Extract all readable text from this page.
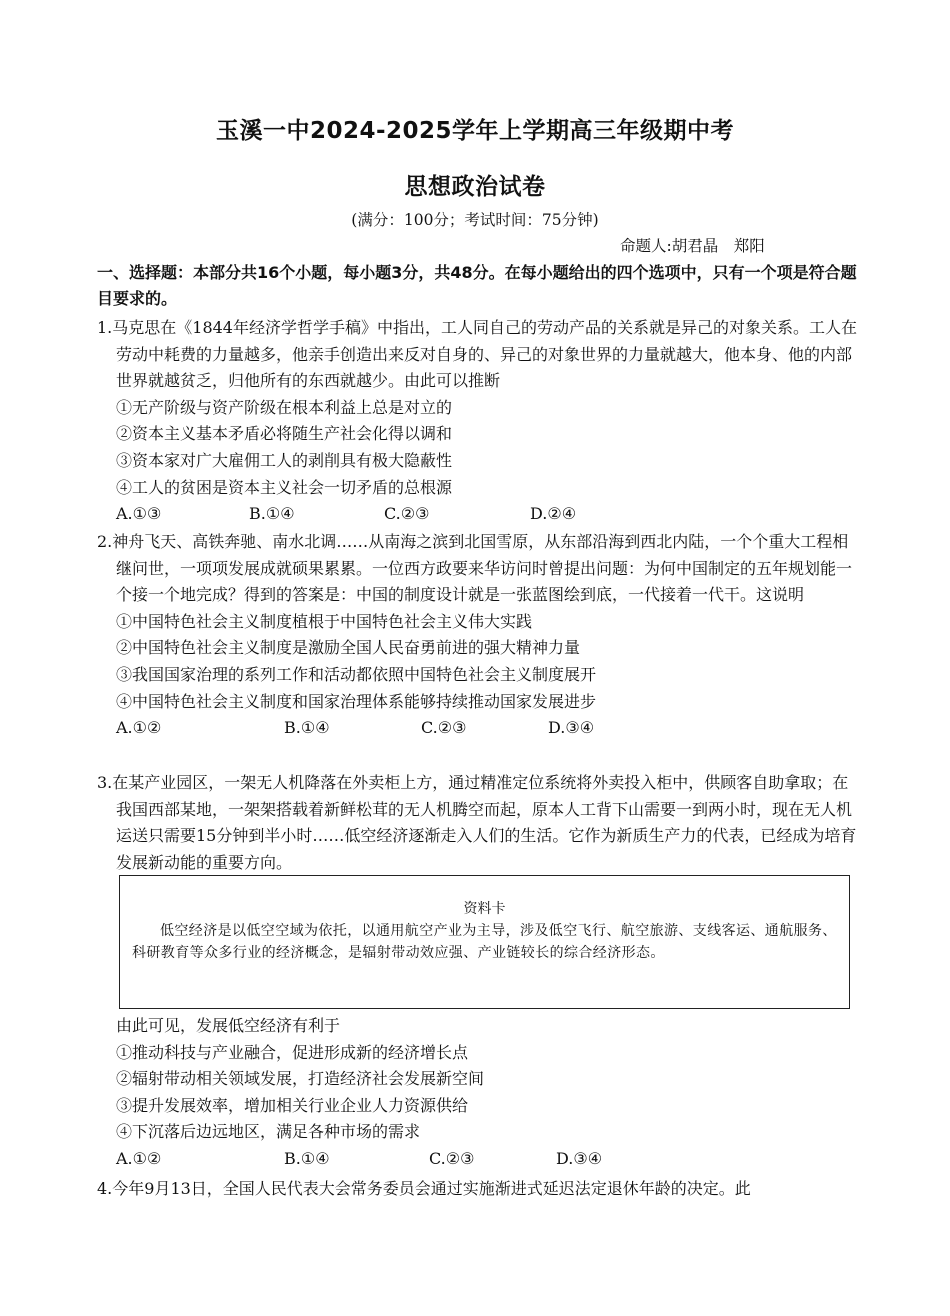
玉溪一中2024-2025学年上学期高三年级期中考
思想政治试卷
(满分：100分；考试时间：75分钟)
命题人:胡君晶　郑阳
一、选择题：本部分共16个小题，每小题3分，共48分。在每小题给出的四个选项中，只有一个项是符合题目要求的。
1.马克思在《1844年经济学哲学手稿》中指出，工人同自己的劳动产品的关系就是异己的对象关系。工人在劳动中耗费的力量越多，他亲手创造出来反对自身的、异己的对象世界的力量就越大，他本身、他的内部世界就越贫乏，归他所有的东西就越少。由此可以推断
①无产阶级与资产阶级在根本利益上总是对立的
②资本主义基本矛盾必将随生产社会化得以调和
③资本家对广大雇佣工人的剥削具有极大隐蔽性
④工人的贫困是资本主义社会一切矛盾的总根源
A.①③	B.①④	C.②③	D.②④
2.神舟飞天、高铁奔驰、南水北调……从南海之滨到北国雪原，从东部沿海到西北内陆，一个个重大工程相继问世，一项项发展成就硕果累累。一位西方政要来华访问时曾提出问题：为何中国制定的五年规划能一个接一个地完成？得到的答案是：中国的制度设计就是一张蓝图绘到底，一代接着一代干。这说明
①中国特色社会主义制度植根于中国特色社会主义伟大实践
②中国特色社会主义制度是激励全国人民奋勇前进的强大精神力量
③我国国家治理的系列工作和活动都依照中国特色社会主义制度展开
④中国特色社会主义制度和国家治理体系能够持续推动国家发展进步
A.①②	B.①④	C.②③	D.③④
3.在某产业园区，一架无人机降落在外卖柜上方，通过精准定位系统将外卖投入柜中，供顾客自助拿取；在我国西部某地，一架架搭载着新鲜松茸的无人机腾空而起，原本人工背下山需要一到两小时，现在无人机运送只需要15分钟到半小时……低空经济逐渐走入人们的生活。它作为新质生产力的代表，已经成为培育发展新动能的重要方向。
资料卡
低空经济是以低空空域为依托，以通用航空产业为主导，涉及低空飞行、航空旅游、支线客运、通航服务、科研教育等众多行业的经济概念，是辐射带动效应强、产业链较长的综合经济形态。
由此可见，发展低空经济有利于
①推动科技与产业融合，促进形成新的经济增长点
②辐射带动相关领域发展，打造经济社会发展新空间
③提升发展效率，增加相关行业企业人力资源供给
④下沉落后边远地区，满足各种市场的需求
A.①②	B.①④	C.②③	D.③④
4.今年9月13日，全国人民代表大会常务委员会通过实施渐进式延迟法定退休年龄的决定。此
